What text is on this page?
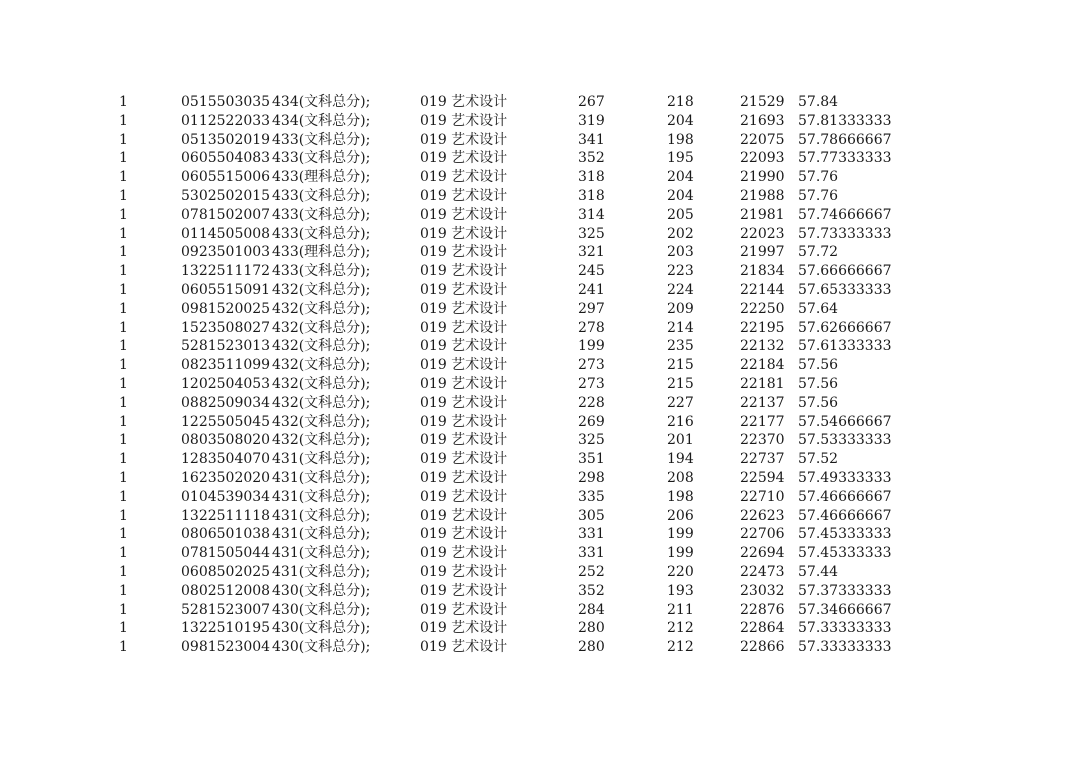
1	0515503035 434(文科总分);	019 艺术设计	267	218	21529 57.84
1	0112522033 434(文科总分);	019 艺术设计	319	204	21693 57.81333333
1	0513502019 433(文科总分);	019 艺术设计	341	198	22075 57.78666667
1	0605504083 433(文科总分);	019 艺术设计	352	195	22093 57.77333333
1	0605515006 433(理科总分);	019 艺术设计	318	204	21990 57.76
1	5302502015 433(文科总分);	019 艺术设计	318	204	21988 57.76
1	0781502007 433(文科总分);	019 艺术设计	314	205	21981 57.74666667
1	0114505008 433(文科总分);	019 艺术设计	325	202	22023 57.73333333
1	0923501003 433(理科总分);	019 艺术设计	321	203	21997 57.72
1	1322511172 433(文科总分);	019 艺术设计	245	223	21834 57.66666667
1	0605515091 432(文科总分);	019 艺术设计	241	224	22144 57.65333333
1	0981520025 432(文科总分);	019 艺术设计	297	209	22250 57.64
1	1523508027 432(文科总分);	019 艺术设计	278	214	22195 57.62666667
1	5281523013 432(文科总分);	019 艺术设计	199	235	22132 57.61333333
1	0823511099 432(文科总分);	019 艺术设计	273	215	22184 57.56
1	1202504053 432(文科总分);	019 艺术设计	273	215	22181 57.56
1	0882509034 432(文科总分);	019 艺术设计	228	227	22137 57.56
1	1225505045 432(文科总分);	019 艺术设计	269	216	22177 57.54666667
1	0803508020 432(文科总分);	019 艺术设计	325	201	22370 57.53333333
1	1283504070 431(文科总分);	019 艺术设计	351	194	22737 57.52
1	1623502020 431(文科总分);	019 艺术设计	298	208	22594 57.49333333
1	0104539034 431(文科总分);	019 艺术设计	335	198	22710 57.46666667
1	1322511118 431(文科总分);	019 艺术设计	305	206	22623 57.46666667
1	0806501038 431(文科总分);	019 艺术设计	331	199	22706 57.45333333
1	0781505044 431(文科总分);	019 艺术设计	331	199	22694 57.45333333
1	0608502025 431(文科总分);	019 艺术设计	252	220	22473 57.44
1	0802512008 430(文科总分);	019 艺术设计	352	193	23032 57.37333333
1	5281523007 430(文科总分);	019 艺术设计	284	211	22876 57.34666667
1	1322510195 430(文科总分);	019 艺术设计	280	212	22864 57.33333333
1	0981523004 430(文科总分);	019 艺术设计	280	212	22866 57.33333333
